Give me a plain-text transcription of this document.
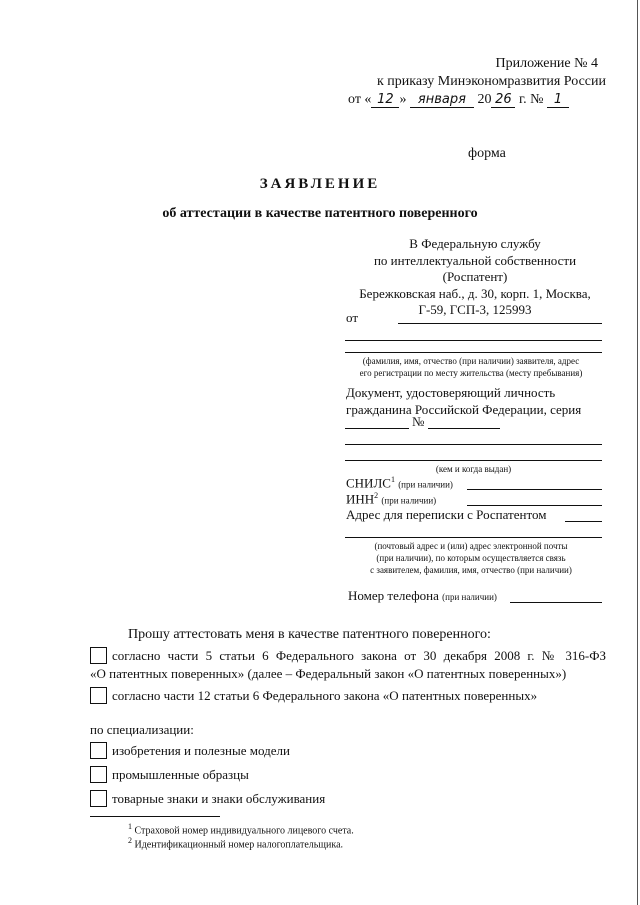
Приложение № 4
к приказу Минэкономразвития России
от « 12 » января 20 26 г. № 1
форма
ЗАЯВЛЕНИЕ
об аттестации в качестве патентного поверенного
В Федеральную службу
по интеллектуальной собственности
(Роспатент)
Бережковская наб., д. 30, корп. 1, Москва,
Г-59, ГСП-3, 125993
от
(фамилия, имя, отчество (при наличии) заявителя, адрес
его регистрации по месту жительства (месту пребывания)
Документ, удостоверяющий личность
гражданина Российской Федерации, серия
№
(кем и когда выдан)
СНИЛС$^1$ (при наличии)
ИНН$^2$ (при наличии)
Адрес для переписки с Роспатентом
(почтовый адрес и (или) адрес электронной почты
(при наличии), по которым осуществляется связь
с заявителем, фамилия, имя, отчество (при наличии)
Номер телефона (при наличии)
Прошу аттестовать меня в качестве патентного поверенного:
согласно части 5 статьи 6 Федерального закона от 30 декабря 2008 г. № 316-ФЗ
«О патентных поверенных» (далее – Федеральный закон «О патентных поверенных»)
согласно части 12 статьи 6 Федерального закона «О патентных поверенных»
по специализации:
изобретения и полезные модели
промышленные образцы
товарные знаки и знаки обслуживания
$^1$ Страховой номер индивидуального лицевого счета.
$^2$ Идентификационный номер налогоплательщика.
